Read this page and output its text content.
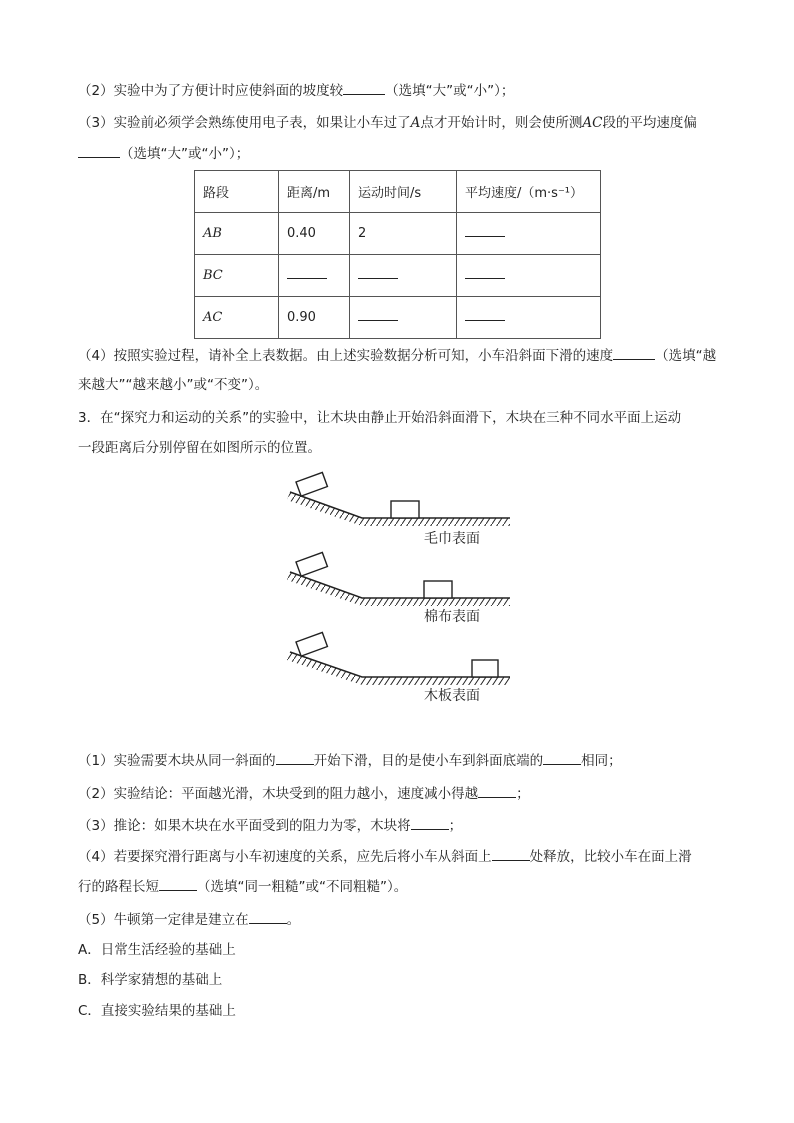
（2）实验中为了方便计时应使斜面的坡度较	（选填“大”或“小”）；
（3）实验前必须学会熟练使用电子表，如果让小车过了A点才开始计时，则会使所测AC段的平均速度偏
（选填“大”或“小”）；
路段	距离/m	运动时间/s	平均速度/（m·s⁻¹）
AB	0.40	2	
BC			
AC	0.90		
（4）按照实验过程，请补全上表数据。由上述实验数据分析可知，小车沿斜面下滑的速度	（选填“越
来越大”“越来越小”或“不变”）。
3．在“探究力和运动的关系”的实验中，让木块由静止开始沿斜面滑下，木块在三种不同水平面上运动
一段距离后分别停留在如图所示的位置。
毛巾表面
棉布表面
木板表面
（1）实验需要木块从同一斜面的	开始下滑，目的是使小车到斜面底端的	相同；
（2）实验结论：平面越光滑，木块受到的阻力越小，速度减小得越	；
（3）推论：如果木块在水平面受到的阻力为零，木块将	；
（4）若要探究滑行距离与小车初速度的关系，应先后将小车从斜面上	处释放，比较小车在面上滑
行的路程长短	（选填“同一粗糙”或“不同粗糙”）。
（5）牛顿第一定律是建立在	。
A．日常生活经验的基础上
B．科学家猜想的基础上
C．直接实验结果的基础上
